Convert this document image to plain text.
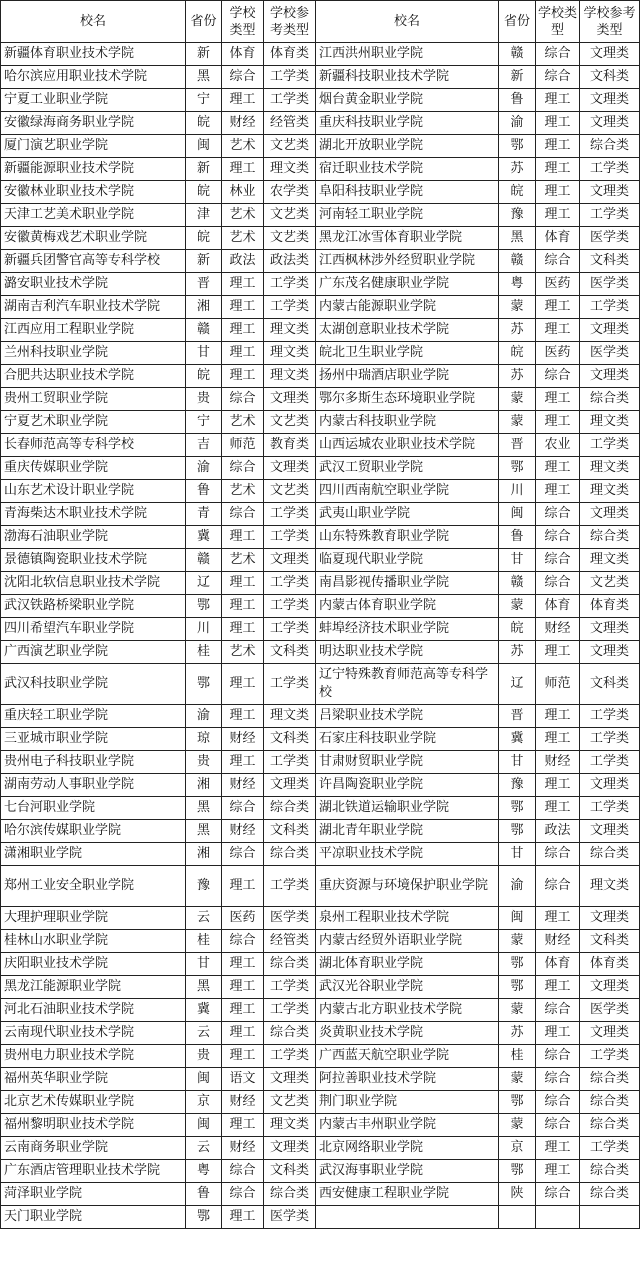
校名	省份	学校类型	学校参考类型	校名	省份	学校类型	学校参考类型
新疆体育职业技术学院	新	体育	体育类	江西洪州职业学院	赣	综合	文理类
哈尔滨应用职业技术学院	黑	综合	工学类	新疆科技职业技术学院	新	综合	文科类
宁夏工业职业学院	宁	理工	工学类	烟台黄金职业学院	鲁	理工	文理类
安徽绿海商务职业学院	皖	财经	经管类	重庆科技职业学院	渝	理工	文理类
厦门演艺职业学院	闽	艺术	文艺类	湖北开放职业学院	鄂	理工	综合类
新疆能源职业技术学院	新	理工	理文类	宿迁职业技术学院	苏	理工	工学类
安徽林业职业技术学院	皖	林业	农学类	阜阳科技职业学院	皖	理工	文理类
天津工艺美术职业学院	津	艺术	文艺类	河南轻工职业学院	豫	理工	工学类
安徽黄梅戏艺术职业学院	皖	艺术	文艺类	黑龙江冰雪体育职业学院	黑	体育	医学类
新疆兵团警官高等专科学校	新	政法	政法类	江西枫林涉外经贸职业学院	赣	综合	文科类
潞安职业技术学院	晋	理工	工学类	广东茂名健康职业学院	粤	医药	医学类
湖南吉利汽车职业技术学院	湘	理工	工学类	内蒙古能源职业学院	蒙	理工	工学类
江西应用工程职业学院	赣	理工	理文类	太湖创意职业技术学院	苏	理工	文理类
兰州科技职业学院	甘	理工	理文类	皖北卫生职业学院	皖	医药	医学类
合肥共达职业技术学院	皖	理工	理文类	扬州中瑞酒店职业学院	苏	综合	文理类
贵州工贸职业学院	贵	综合	文理类	鄂尔多斯生态环境职业学院	蒙	理工	综合类
宁夏艺术职业学院	宁	艺术	文艺类	内蒙古科技职业学院	蒙	理工	理文类
长春师范高等专科学校	吉	师范	教育类	山西运城农业职业技术学院	晋	农业	工学类
重庆传媒职业学院	渝	综合	文理类	武汉工贸职业学院	鄂	理工	理文类
山东艺术设计职业学院	鲁	艺术	文艺类	四川西南航空职业学院	川	理工	理文类
青海柴达木职业技术学院	青	综合	工学类	武夷山职业学院	闽	综合	文理类
渤海石油职业学院	冀	理工	工学类	山东特殊教育职业学院	鲁	综合	综合类
景德镇陶瓷职业技术学院	赣	艺术	文理类	临夏现代职业学院	甘	综合	理文类
沈阳北软信息职业技术学院	辽	理工	工学类	南昌影视传播职业学院	赣	综合	文艺类
武汉铁路桥梁职业学院	鄂	理工	工学类	内蒙古体育职业学院	蒙	体育	体育类
四川希望汽车职业学院	川	理工	工学类	蚌埠经济技术职业学院	皖	财经	文理类
广西演艺职业学院	桂	艺术	文科类	明达职业技术学院	苏	理工	文理类
武汉科技职业学院	鄂	理工	工学类	辽宁特殊教育师范高等专科学校	辽	师范	文科类
重庆轻工职业学院	渝	理工	理文类	吕梁职业技术学院	晋	理工	工学类
三亚城市职业学院	琼	财经	文科类	石家庄科技职业学院	冀	理工	工学类
贵州电子科技职业学院	贵	理工	工学类	甘肃财贸职业学院	甘	财经	工学类
湖南劳动人事职业学院	湘	财经	文理类	许昌陶瓷职业学院	豫	理工	文理类
七台河职业学院	黑	综合	综合类	湖北铁道运输职业学院	鄂	理工	工学类
哈尔滨传媒职业学院	黑	财经	文科类	湖北青年职业学院	鄂	政法	文理类
潇湘职业学院	湘	综合	综合类	平凉职业技术学院	甘	综合	综合类
郑州工业安全职业学院	豫	理工	工学类	重庆资源与环境保护职业学院	渝	综合	理文类
大理护理职业学院	云	医药	医学类	泉州工程职业技术学院	闽	理工	文理类
桂林山水职业学院	桂	综合	经管类	内蒙古经贸外语职业学院	蒙	财经	文科类
庆阳职业技术学院	甘	理工	综合类	湖北体育职业学院	鄂	体育	体育类
黑龙江能源职业学院	黑	理工	工学类	武汉光谷职业学院	鄂	理工	文理类
河北石油职业技术学院	冀	理工	工学类	内蒙古北方职业技术学院	蒙	综合	医学类
云南现代职业技术学院	云	理工	综合类	炎黄职业技术学院	苏	理工	文理类
贵州电力职业技术学院	贵	理工	工学类	广西蓝天航空职业学院	桂	综合	工学类
福州英华职业学院	闽	语文	文理类	阿拉善职业技术学院	蒙	综合	综合类
北京艺术传媒职业学院	京	财经	文艺类	荆门职业学院	鄂	综合	综合类
福州黎明职业技术学院	闽	理工	理文类	内蒙古丰州职业学院	蒙	综合	综合类
云南商务职业学院	云	财经	文理类	北京网络职业学院	京	理工	工学类
广东酒店管理职业技术学院	粤	综合	文科类	武汉海事职业学院	鄂	理工	综合类
菏泽职业学院	鲁	综合	综合类	西安健康工程职业学院	陕	综合	综合类
天门职业学院	鄂	理工	医学类				
